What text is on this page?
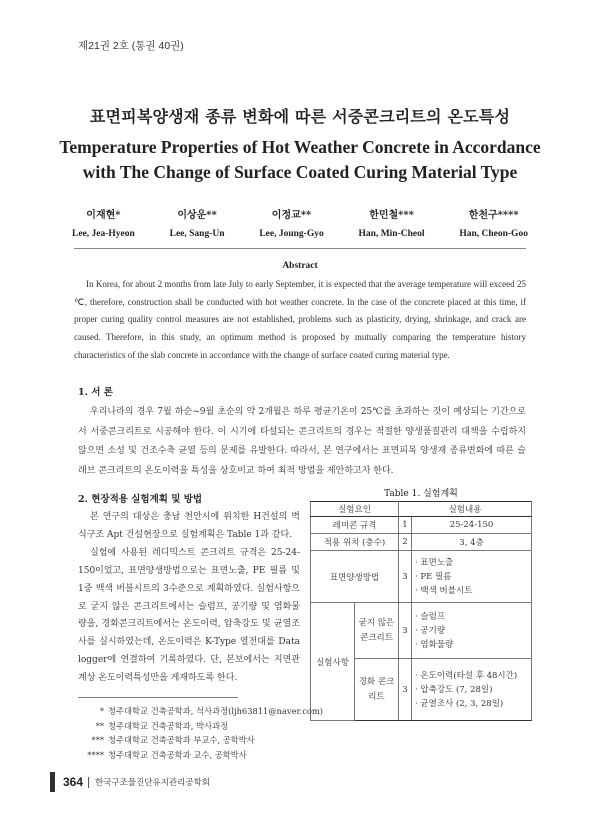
제21권 2호 (통권 40권)
표면피복양생재 종류 변화에 따른 서중콘크리트의 온도특성
Temperature Properties of Hot Weather Concrete in Accordance
with The Change of Surface Coated Curing Material Type
이재현*
Lee, Jea-Hyeon
이상운**
Lee, Sang-Un
이정교**
Lee, Joung-Gyo
한민철***
Han, Min-Cheol
한천구****
Han, Cheon-Goo
Abstract
In Korea, for about 2 months from late July to early September, it is expected that the average temperature will exceed 25 ℃, therefore, construction shall be conducted with hot weather concrete. In the case of the concrete placed at this time, if proper curing quality control measures are not established, problems such as plasticity, drying, shrinkage, and crack are caused. Therefore, in this study, an optimum method is proposed by mutually comparing the temperature history characteristics of the slab concrete in accordance with the change of surface coated curing material type.
1. 서 론
우리나라의 경우 7월 하순~9월 초순의 약 2개월은 하루 평균기온이 25℃를 초과하는 것이 예상되는 기간으로서 서중콘크리트로 시공해야 한다. 이 시기에 타설되는 콘크리트의 경우는 적절한 양생품질관리 대책을 수립하지 않으면 소성 및 건조수축 균열 등의 문제를 유발한다. 따라서, 본 연구에서는 표면피복 양생재 종류변화에 따른 슬래브 콘크리트의 온도이력을 특성을 상호비교 하여 최적 방법을 제안하고자 한다.
2. 현장적용 실험계획 및 방법

본 연구의 대상은 충남 천안시에 위치한 H건설의 벽식구조 Apt 건설현장으로 실험계획은 Table 1과 같다.

실험에 사용된 레디믹스트 콘크리트 규격은 25-24-150이었고, 표면양생방법으로는 표면노출, PE 필름 및 1중 백색 버블시트의 3수준으로 계획하였다. 실험사항으로 굳지 않은 콘크리트에서는 슬럼프, 공기량 및 염화물량을, 경화콘크리트에서는 온도이력, 압축강도 및 균열조사를 실시하였는데, 온도이력은 K-Type 열전대를 Data logger에 연결하여 기록하였다. 단, 본보에서는 지면관계상 온도이력특성만을 게재하도록 한다.

Table 1. 실험계획
실험요인		실험내용	
레미콘 규격		1	25-24-150
적용 위치 (층수)		2	3, 4층
표면양생방법		3	· 표면노출
· PE 필름
· 백색 버블시트

실험사항	굳지 않은 콘크리트	3	· 슬럼프
· 공기량
· 염화물량

	경화 콘크리트	3	· 온도이력(타설 후 48시간)
· 압축강도 (7, 28일)
· 균열조사 (2, 3, 28일)
* 청주대학교 건축공학과, 석사과정(ljh63811@naver.com)
** 청주대학교 건축공학과, 박사과정
*** 청주대학교 건축공학과 부교수, 공학박사
**** 청주대학교 건축공학과 교수, 공학박사
364 한국구조물진단유지관리공학회
